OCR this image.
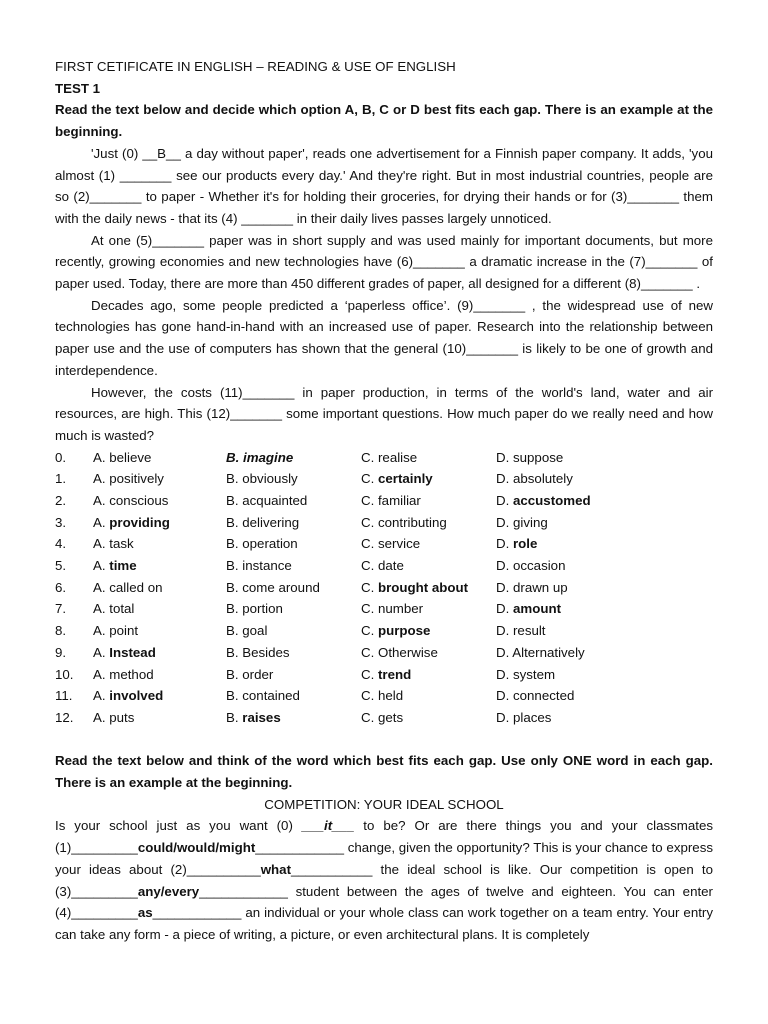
FIRST CETIFICATE IN ENGLISH – READING & USE OF ENGLISH
TEST 1
Read the text below and decide which option A, B, C or D best fits each gap. There is an example at the beginning.

'Just (0) __B__ a day without paper', reads one advertisement for a Finnish paper company. It adds, 'you almost (1) _______ see our products every day.' And they're right. But in most industrial countries, people are so (2)_______ to paper - Whether it's for holding their groceries, for drying their hands or for (3)_______ them with the daily news - that its (4) _______ in their daily lives passes largely unnoticed.

At one (5)_______ paper was in short supply and was used mainly for important documents, but more recently, growing economies and new technologies have (6)_______ a dramatic increase in the (7)_______ of paper used. Today, there are more than 450 different grades of paper, all designed for a different (8)_______ .

Decades ago, some people predicted a ‘paperless office’. (9)_______ , the widespread use of new technologies has gone hand-in-hand with an increased use of paper. Research into the relationship between paper use and the use of computers has shown that the general (10)_______ is likely to be one of growth and interdependence.

However, the costs (11)_______ in paper production, in terms of the world's land, water and air resources, are high. This (12)_______ some important questions. How much paper do we really need and how much is wasted?

0.	A. believe	B. imagine	C. realise	D. suppose
1.	A. positively	B. obviously	C. certainly	D. absolutely
2.	A. conscious	B. acquainted	C. familiar	D. accustomed
3.	A. providing	B. delivering	C. contributing	D. giving
4.	A. task	B. operation	C. service	D. role
5.	A. time	B. instance	C. date	D. occasion
6.	A. called on	B. come around	C. brought about	D. drawn up
7.	A. total	B. portion	C. number	D. amount
8.	A. point	B. goal	C. purpose	D. result
9.	A. Instead	B. Besides	C. Otherwise	D. Alternatively
10.	A. method	B. order	C. trend	D. system
11.	A. involved	B. contained	C. held	D. connected
12.	A. puts	B. raises	C. gets	D. places
Read the text below and think of the word which best fits each gap. Use only ONE word in each gap. There is an example at the beginning.
COMPETITION: YOUR IDEAL SCHOOL

Is your school just as you want (0) ___it___ to be? Or are there things you and your classmates (1)_________could/would/might____________ change, given the opportunity? This is your chance to express your ideas about (2)__________what___________ the ideal school is like. Our competition is open to (3)_________any/every____________ student between the ages of twelve and eighteen. You can enter (4)_________as____________ an individual or your whole class can work together on a team entry. Your entry can take any form - a piece of writing, a picture, or even architectural plans. It is completely
